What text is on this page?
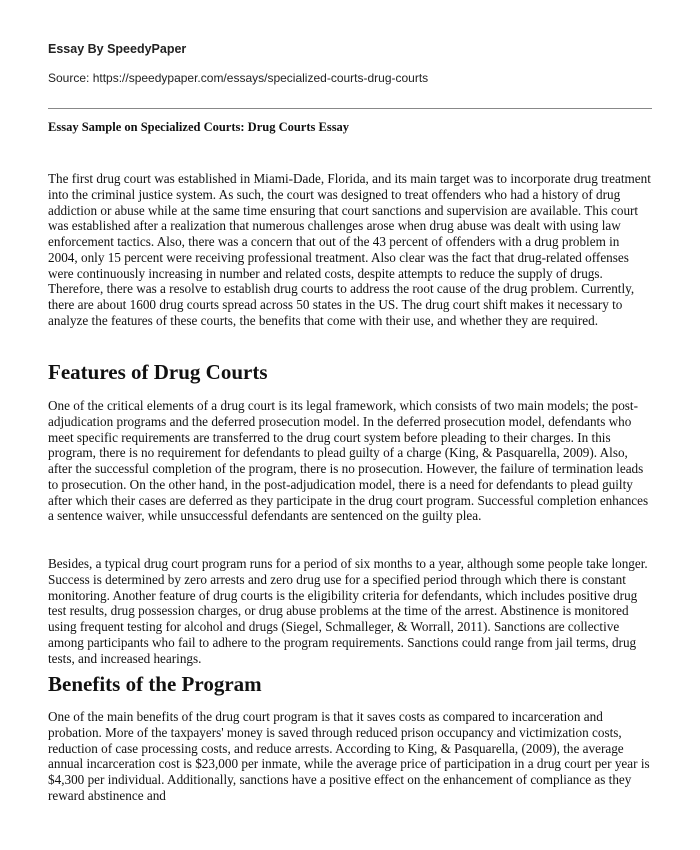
Essay By SpeedyPaper
Source: https://speedypaper.com/essays/specialized-courts-drug-courts
Essay Sample on Specialized Courts: Drug Courts Essay

The first drug court was established in Miami-Dade, Florida, and its main target was to incorporate drug treatment into the criminal justice system. As such, the court was designed to treat offenders who had a history of drug addiction or abuse while at the same time ensuring that court sanctions and supervision are available. This court was established after a realization that numerous challenges arose when drug abuse was dealt with using law enforcement tactics. Also, there was a concern that out of the 43 percent of offenders with a drug problem in 2004, only 15 percent were receiving professional treatment. Also clear was the fact that drug-related offenses were continuously increasing in number and related costs, despite attempts to reduce the supply of drugs. Therefore, there was a resolve to establish drug courts to address the root cause of the drug problem. Currently, there are about 1600 drug courts spread across 50 states in the US. The drug court shift makes it necessary to analyze the features of these courts, the benefits that come with their use, and whether they are required.

Features of Drug Courts

One of the critical elements of a drug court is its legal framework, which consists of two main models; the post-adjudication programs and the deferred prosecution model. In the deferred prosecution model, defendants who meet specific requirements are transferred to the drug court system before pleading to their charges. In this program, there is no requirement for defendants to plead guilty of a charge (King, & Pasquarella, 2009). Also, after the successful completion of the program, there is no prosecution. However, the failure of termination leads to prosecution. On the other hand, in the post-adjudication model, there is a need for defendants to plead guilty after which their cases are deferred as they participate in the drug court program. Successful completion enhances a sentence waiver, while unsuccessful defendants are sentenced on the guilty plea.

Besides, a typical drug court program runs for a period of six months to a year, although some people take longer. Success is determined by zero arrests and zero drug use for a specified period through which there is constant monitoring. Another feature of drug courts is the eligibility criteria for defendants, which includes positive drug test results, drug possession charges, or drug abuse problems at the time of the arrest. Abstinence is monitored using frequent testing for alcohol and drugs (Siegel, Schmalleger, & Worrall, 2011). Sanctions are collective among participants who fail to adhere to the program requirements. Sanctions could range from jail terms, drug tests, and increased hearings.

Benefits of the Program

One of the main benefits of the drug court program is that it saves costs as compared to incarceration and probation. More of the taxpayers' money is saved through reduced prison occupancy and victimization costs, reduction of case processing costs, and reduce arrests. According to King, & Pasquarella, (2009), the average annual incarceration cost is $23,000 per inmate, while the average price of participation in a drug court per year is $4,300 per individual. Additionally, sanctions have a positive effect on the enhancement of compliance as they reward abstinence and
